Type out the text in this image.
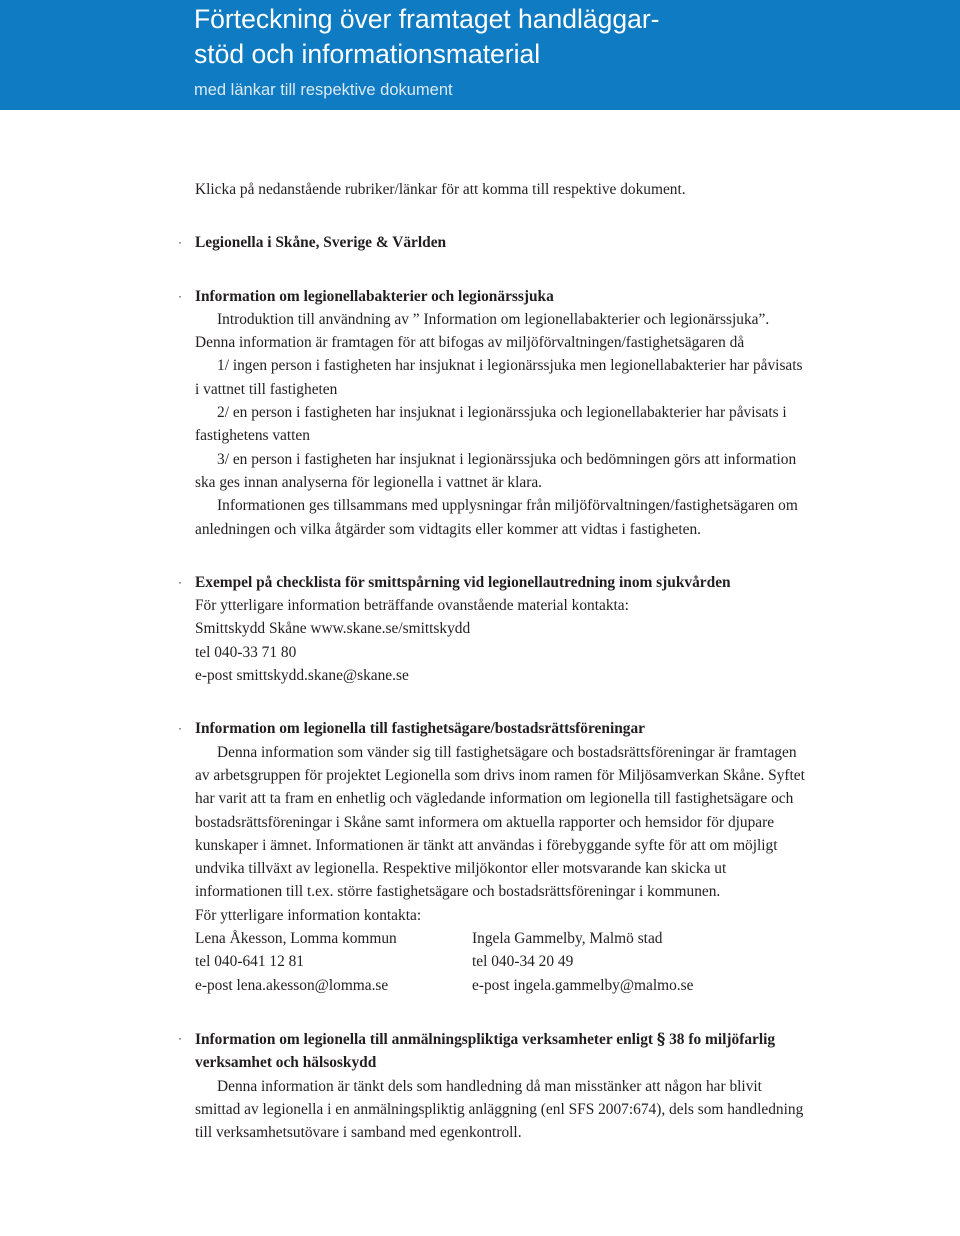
Förteckning över framtaget handläggar-
stöd och informationsmaterial
med länkar till respektive dokument

Klicka på nedanstående rubriker/länkar för att komma till respektive dokument.

· Legionella i Skåne, Sverige & Världen

· Information om legionellabakterier och legionärssjuka

Introduktion till användning av ” Information om legionellabakterier och legionärssjuka”. Denna information är framtagen för att bifogas av miljöförvaltningen/fastighetsägaren då

1/ ingen person i fastigheten har insjuknat i legionärssjuka men legionellabakterier har påvisats i vattnet till fastigheten

2/ en person i fastigheten har insjuknat i legionärssjuka och legionellabakterier har påvisats i fastighetens vatten

3/ en person i fastigheten har insjuknat i legionärssjuka och bedömningen görs att information ska ges innan analyserna för legionella i vattnet är klara.

Informationen ges tillsammans med upplysningar från miljöförvaltningen/fastighetsägaren om anledningen och vilka åtgärder som vidtagits eller kommer att vidtas i fastigheten.

· Exempel på checklista för smittspårning vid legionellautredning inom sjukvården

För ytterligare information beträffande ovanstående material kontakta:

Smittskydd Skåne www.skane.se/smittskydd

tel 040-33 71 80

e-post smittskydd.skane@skane.se

· Information om legionella till fastighetsägare/bostadsrättsföreningar

Denna information som vänder sig till fastighetsägare och bostadsrättsföreningar är framtagen av arbetsgruppen för projektet Legionella som drivs inom ramen för Miljösamverkan Skåne. Syftet har varit att ta fram en enhetlig och vägledande information om legionella till fastighetsägare och bostadsrättsföreningar i Skåne samt informera om aktuella rapporter och hemsidor för djupare kunskaper i ämnet. Informationen är tänkt att användas i förebyggande syfte för att om möjligt undvika tillväxt av legionella. Respektive miljökontor eller motsvarande kan skicka ut informationen till t.ex. större fastighetsägare och bostadsrättsföreningar i kommunen.

För ytterligare information kontakta:

Lena Åkesson, Lomma kommun	Ingela Gammelby, Malmö stad
tel 040-641 12 81	tel 040-34 20 49
e-post lena.akesson@lomma.se	e-post ingela.gammelby@malmo.se
· Information om legionella till anmälningspliktiga verksamheter enligt § 38 fo miljöfarlig verksamhet och hälsoskydd

Denna information är tänkt dels som handledning då man misstänker att någon har blivit smittad av legionella i en anmälningspliktig anläggning (enl SFS 2007:674), dels som handledning till verksamhetsutövare i samband med egenkontroll.
